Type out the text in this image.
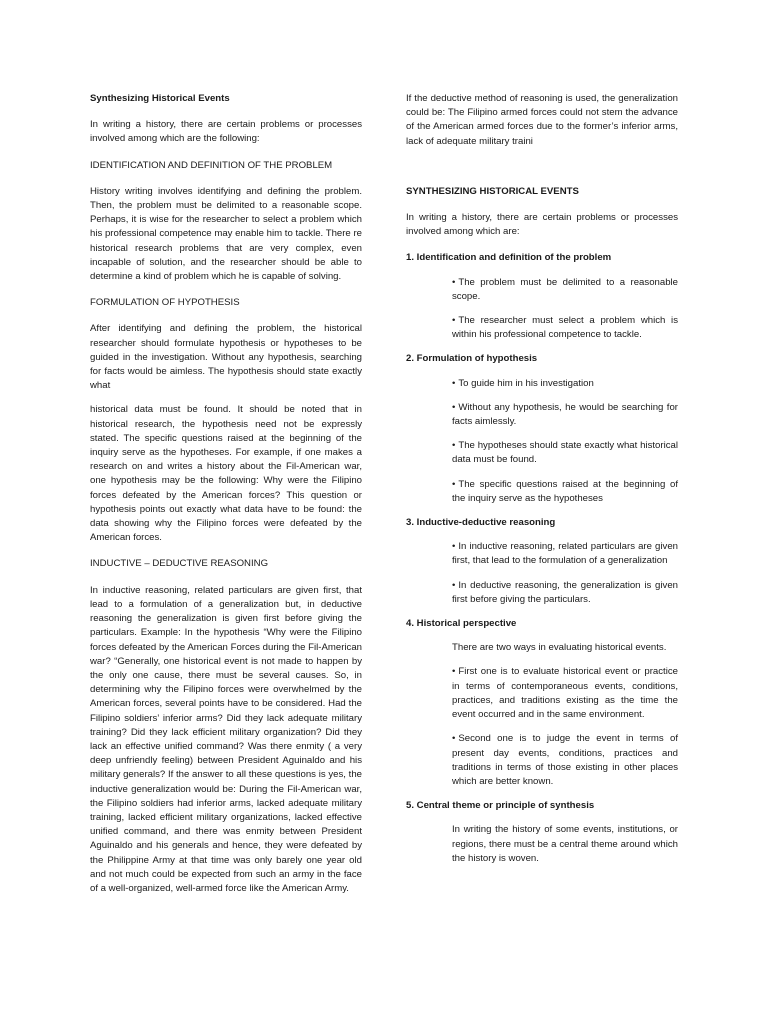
Synthesizing Historical Events

In writing a history, there are certain problems or processes involved among which are the following:

IDENTIFICATION AND DEFINITION OF THE PROBLEM

History writing involves identifying and defining the problem. Then, the problem must be delimited to a reasonable scope. Perhaps, it is wise for the researcher to select a problem which his professional competence may enable him to tackle. There re historical research problems that are very complex, even incapable of solution, and the researcher should be able to determine a kind of problem which he is capable of solving.

FORMULATION OF HYPOTHESIS

After identifying and defining the problem, the historical researcher should formulate hypothesis or hypotheses to be guided in the investigation. Without any hypothesis, searching for facts would be aimless. The hypothesis should state exactly what

historical data must be found. It should be noted that in historical research, the hypothesis need not be expressly stated. The specific questions raised at the beginning of the inquiry serve as the hypotheses. For example, if one makes a research on and writes a history about the Fil-American war, one hypothesis may be the following: Why were the Filipino forces defeated by the American forces? This question or hypothesis points out exactly what data have to be found: the data showing why the Filipino forces were defeated by the American forces.

INDUCTIVE – DEDUCTIVE REASONING

In inductive reasoning, related particulars are given first, that lead to a formulation of a generalization but, in deductive reasoning the generalization is given first before giving the particulars. Example: In the hypothesis “Why were the Filipino forces defeated by the American Forces during the Fil-American war? “Generally, one historical event is not made to happen by the only one cause, there must be several causes. So, in determining why the Filipino forces were overwhelmed by the American forces, several points have to be considered. Had the Filipino soldiers’ inferior arms? Did they lack adequate military training? Did they lack efficient military organization? Did they lack an effective unified command? Was there enmity ( a very deep unfriendly feeling) between President Aguinaldo and his military generals? If the answer to all these questions is yes, the inductive generalization would be: During the Fil-American war, the Filipino soldiers had inferior arms, lacked adequate military training, lacked efficient military organizations, lacked effective unified command, and there was enmity between President Aguinaldo and his generals and hence, they were defeated by the Philippine Army at that time was only barely one year old and not much could be expected from such an army in the face of a well-organized, well-armed force like the American Army.

If the deductive method of reasoning is used, the generalization could be: The Filipino armed forces could not stem the advance of the American armed forces due to the former’s inferior arms, lack of adequate military traini

SYNTHESIZING HISTORICAL EVENTS

In writing a history, there are certain problems or processes involved among which are:

1. Identification and definition of the problem

• The problem must be delimited to a reasonable scope.

• The researcher must select a problem which is within his professional competence to tackle.

2. Formulation of hypothesis

• To guide him in his investigation

• Without any hypothesis, he would be searching for facts aimlessly.

• The hypotheses should state exactly what historical data must be found.

• The specific questions raised at the beginning of the inquiry serve as the hypotheses

3. Inductive-deductive reasoning

• In inductive reasoning, related particulars are given first, that lead to the formulation of a generalization

• In deductive reasoning, the generalization is given first before giving the particulars.

4. Historical perspective

There are two ways in evaluating historical events.

• First one is to evaluate historical event or practice in terms of contemporaneous events, conditions, practices, and traditions existing as the time the event occurred and in the same environment.

• Second one is to judge the event in terms of present day events, conditions, practices and traditions in terms of those existing in other places which are better known.

5. Central theme or principle of synthesis

In writing the history of some events, institutions, or regions, there must be a central theme around which the history is woven.
